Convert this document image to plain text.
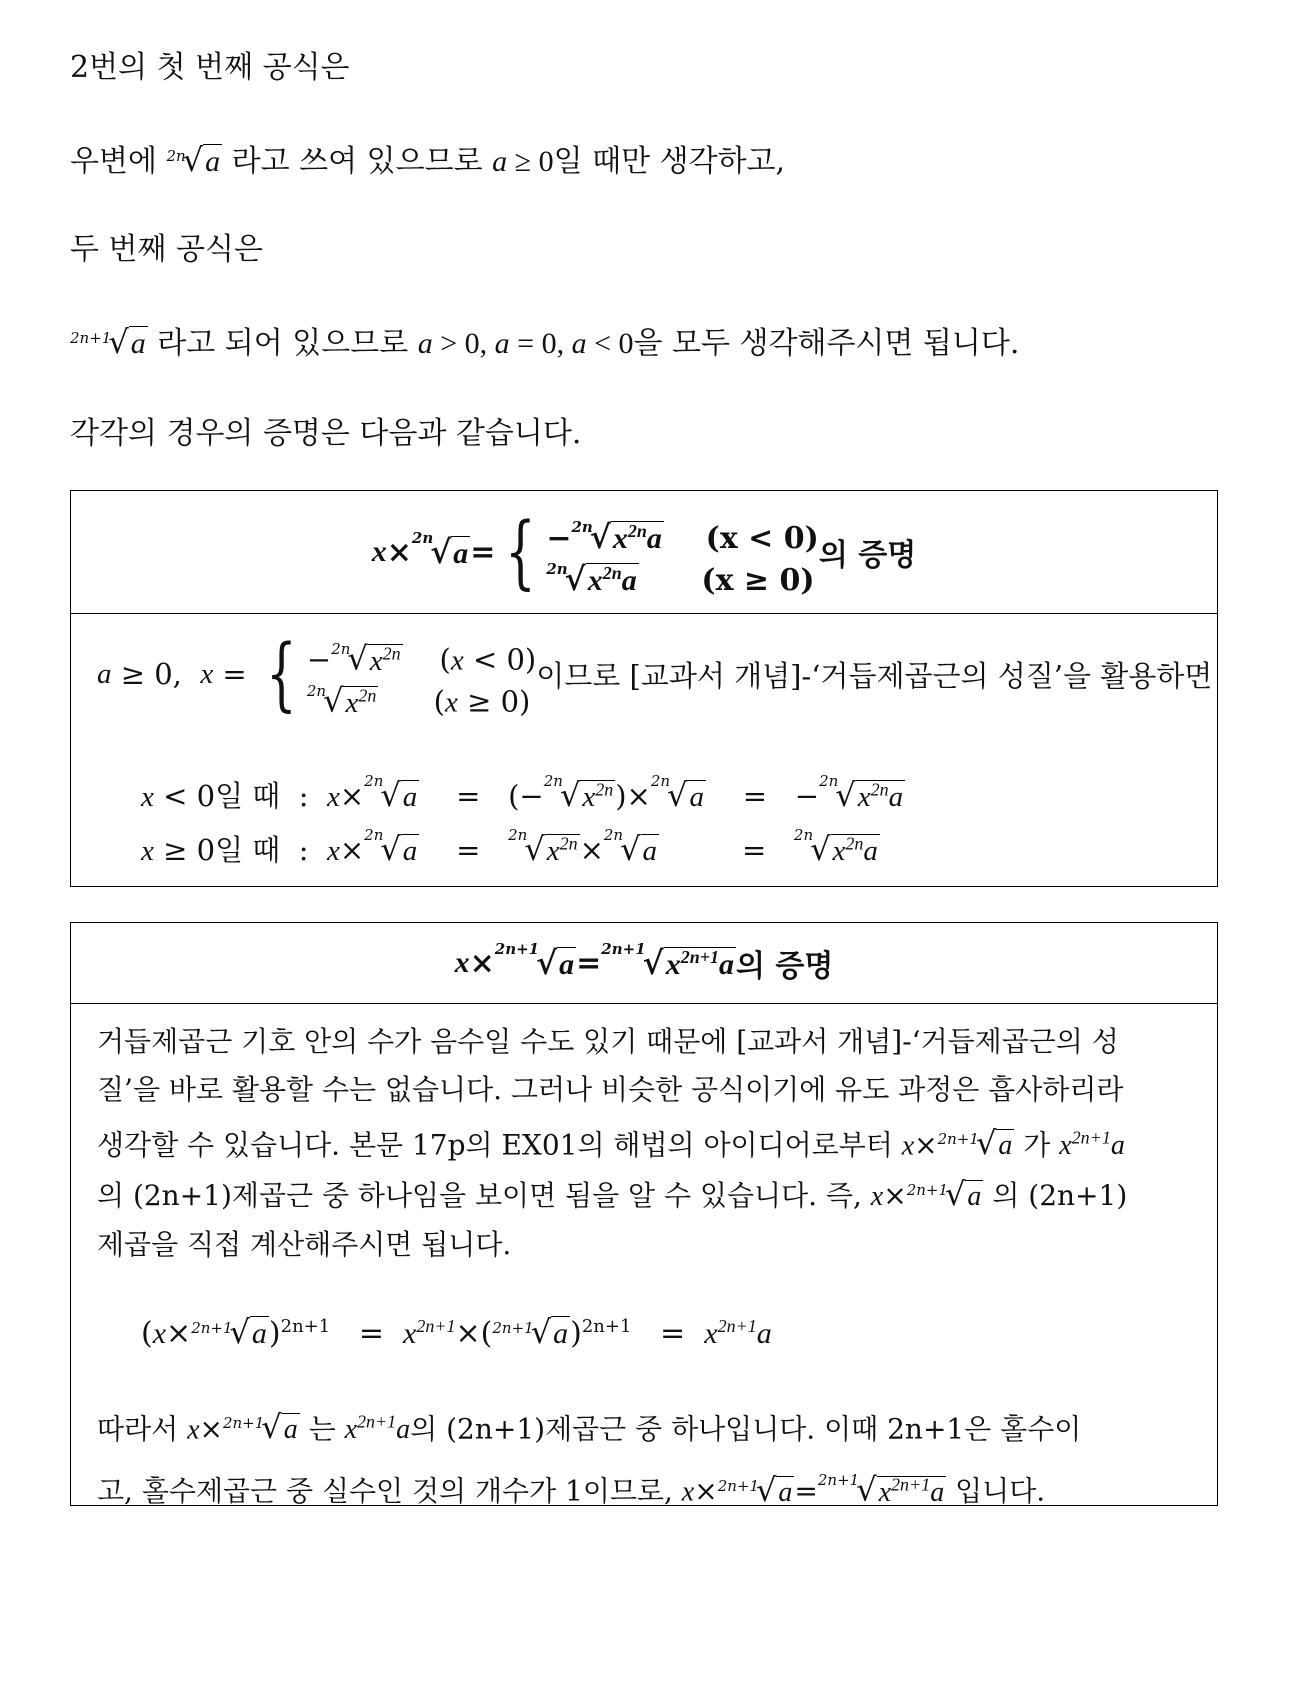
2번의 첫 번째 공식은
우변에 $^{2n}$√a 라고 쓰여 있으므로 a ≥ 0일 때만 생각하고,
두 번째 공식은
$^{2n+1}$√a 라고 되어 있으므로 a > 0, a = 0, a < 0을 모두 생각해주시면 됩니다.
각각의 경우의 증명은 다음과 같습니다.
x × $^{2n}$√a = { $-^{2n}√x^{2n}a$ (x < 0)
$^{2n}√x^{2n}a$ (x ≥ 0)
의 증명
a ≥ 0, x = { $-^{2n}√x^{2n}$    (x < 0)
$^{2n}√x^{2n}$      (x ≥ 0)
이므로 [교과서 개념]-‘거듭제곱근의 성질’을 활용하면
x < 0일 때  :  x×$^{2n}$√a    =   $(-^{2n}√x^{2n})\times^{2n}√a$    =   $-^{2n}√x^{2n}a$
x ≥ 0일 때  :  x×$^{2n}$√a    =   $^{2n}√x^{2n}\times^{2n}√a$         =   $^{2n}√x^{2n}a$
$x \times ^{2n+1}√a = ^{2n+1}√x^{2n+1}a$ 의 증명
거듭제곱근 기호 안의 수가 음수일 수도 있기 때문에 [교과서 개념]-‘거듭제곱근의 성
질’을 바로 활용할 수는 없습니다. 그러나 비슷한 공식이기에 유도 과정은 흡사하리라
생각할 수 있습니다. 본문 17p의 EX01의 해법의 아이디어로부터 x×$^{2n+1}$√a 가 $x^{2n+1}a$
의 (2n+1)제곱근 중 하나임을 보이면 됨을 알 수 있습니다. 즉, x×$^{2n+1}$√a 의 (2n+1)
제곱을 직접 계산해주시면 됩니다.
$(x\times^{2n+1}√a)^{2n+1} = x^{2n+1}\times(^{2n+1}√a)^{2n+1} = x^{2n+1}a$
따라서 x×$^{2n+1}$√a 는 $x^{2n+1}a$의 (2n+1)제곱근 중 하나입니다. 이때 2n+1은 홀수이
고, 홀수제곱근 중 실수인 것의 개수가 1이므로, $x\times^{2n+1}√a=^{2n+1}√x^{2n+1}a$ 입니다.
